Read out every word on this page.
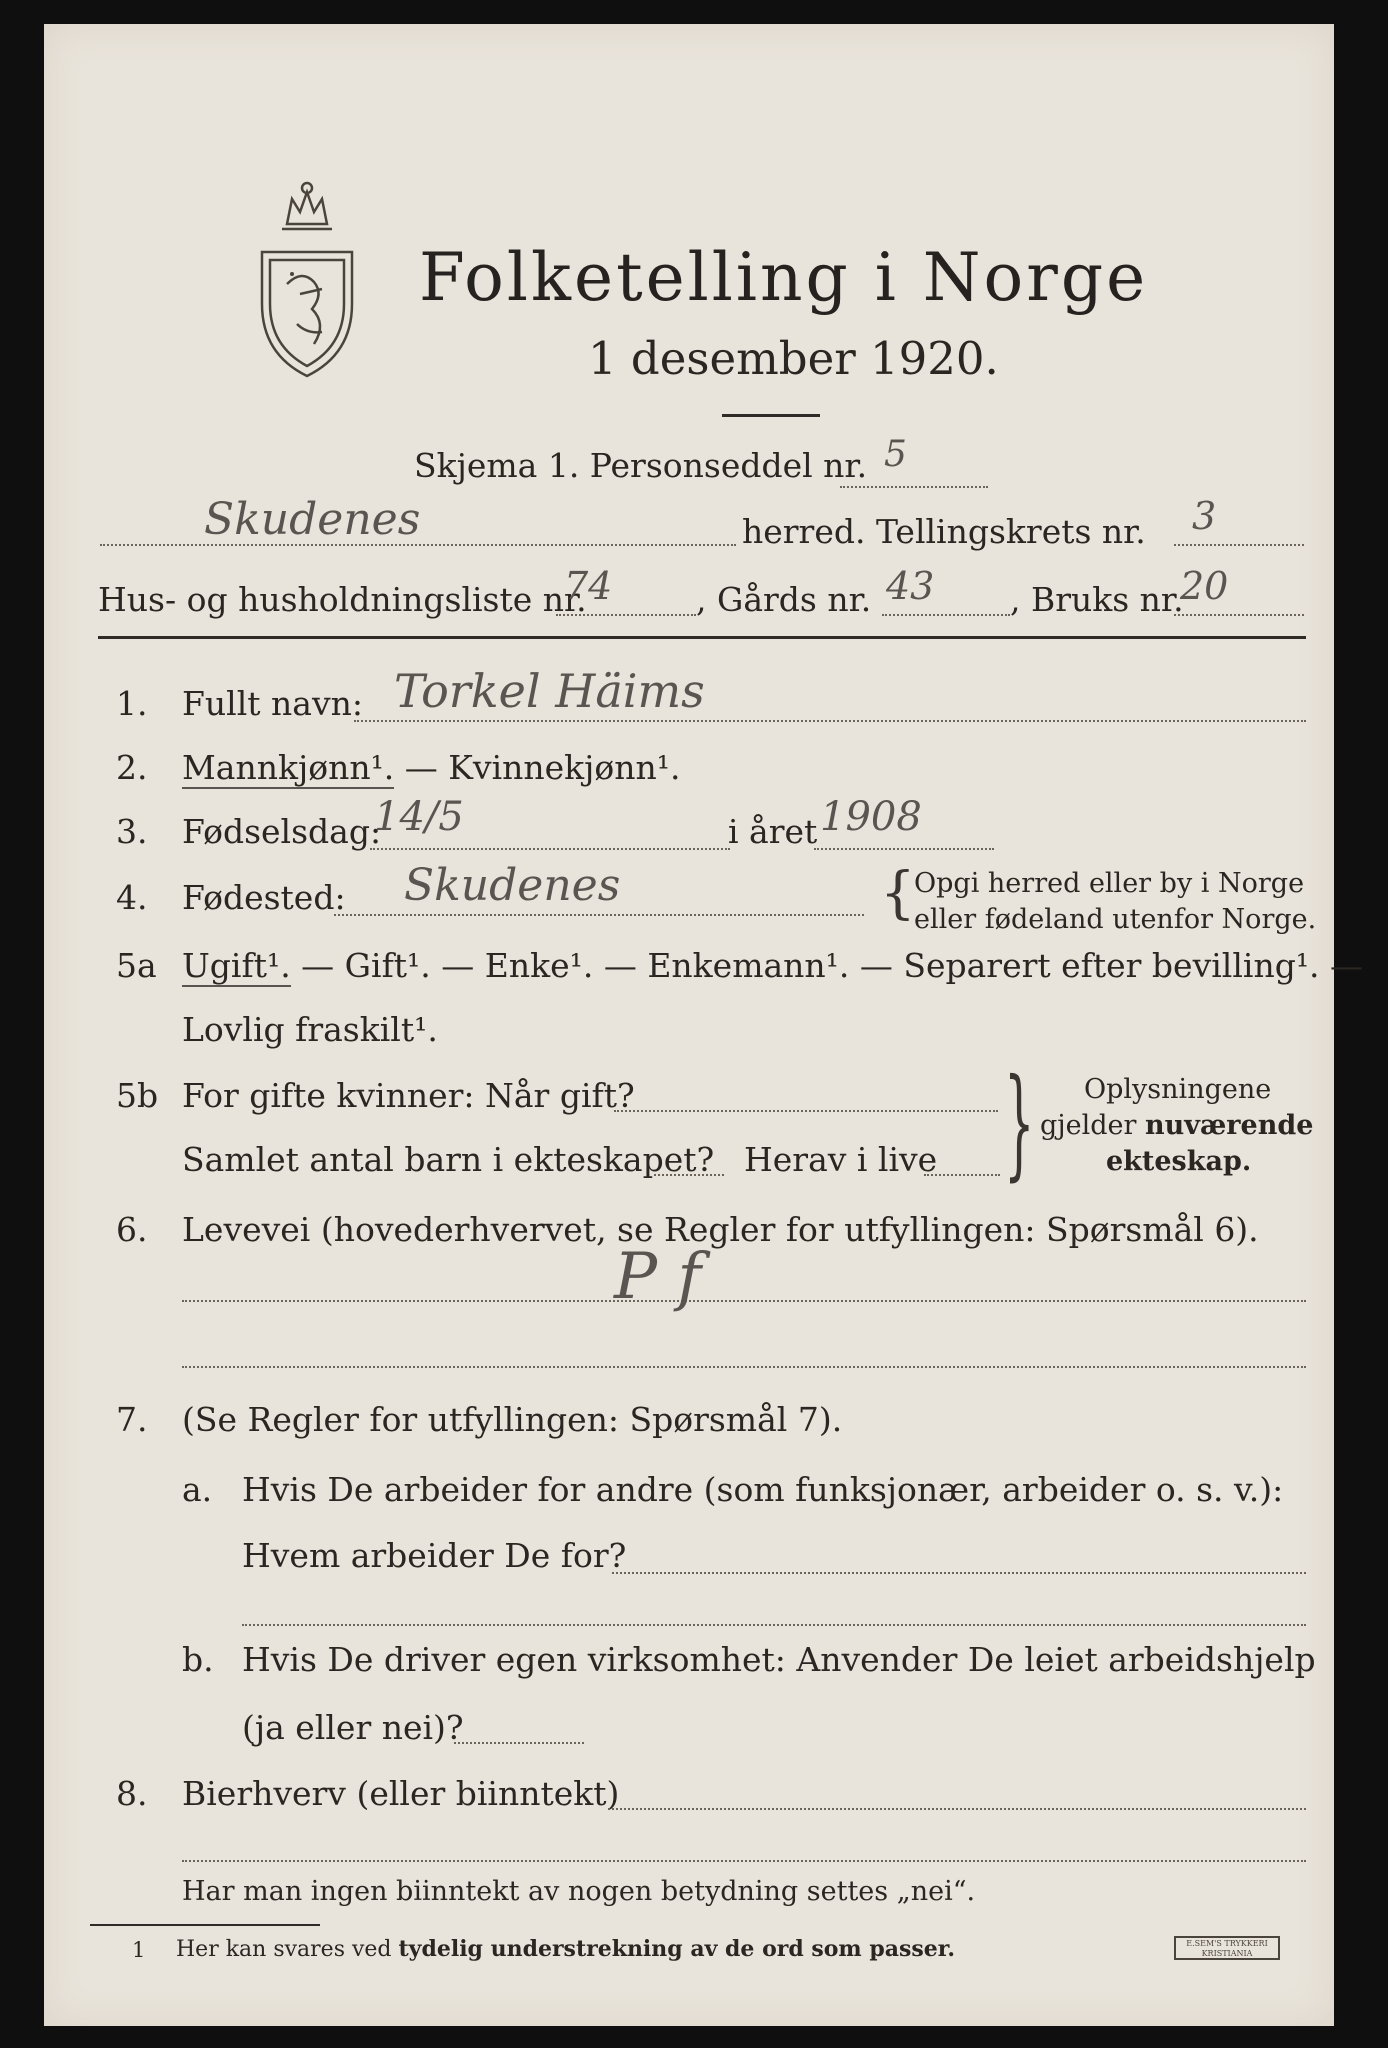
Folketelling i Norge
1 desember 1920.
Skjema 1. Personseddel nr. 5
Skudenes	herred. Tellingskrets nr. 3
Hus- og husholdningsliste nr.
74	, Gårds nr. 43 , Bruks nr.
20
1. Fullt navn: Torkel Häims
2. Mannkjønn¹. — Kvinnekjønn¹.
3. Fødselsdag:
14/5	i året 1908
4. Fødested: Skudenes	{
Opgi herred eller by i Norge
eller fødeland utenfor Norge.
5a Ugift¹. — Gift¹. — Enke¹. — Enkemann¹. — Separert efter bevilling¹. —
Lovlig fraskilt¹.
5b For gifte kvinner: Når gift?
Samlet antal barn i ekteskapet? Herav i live } Oplysningene
gjelder nuværende
ekteskap.
6. Levevei (hovederhvervet, se Regler for utfyllingen: Spørsmål 6).
P f
7. (Se Regler for utfyllingen: Spørsmål 7).
a. Hvis De arbeider for andre (som funksjonær, arbeider o. s. v.):
Hvem arbeider De for?
b. Hvis De driver egen virksomhet: Anvender De leiet arbeidshjelp
(ja eller nei)?
8. Bierhverv (eller biinntekt)
Har man ingen biinntekt av nogen betydning settes „nei“.
1 Her kan svares ved tydelig understrekning av de ord som passer.	E.SEM'S TRYKKERI KRISTIANIA
